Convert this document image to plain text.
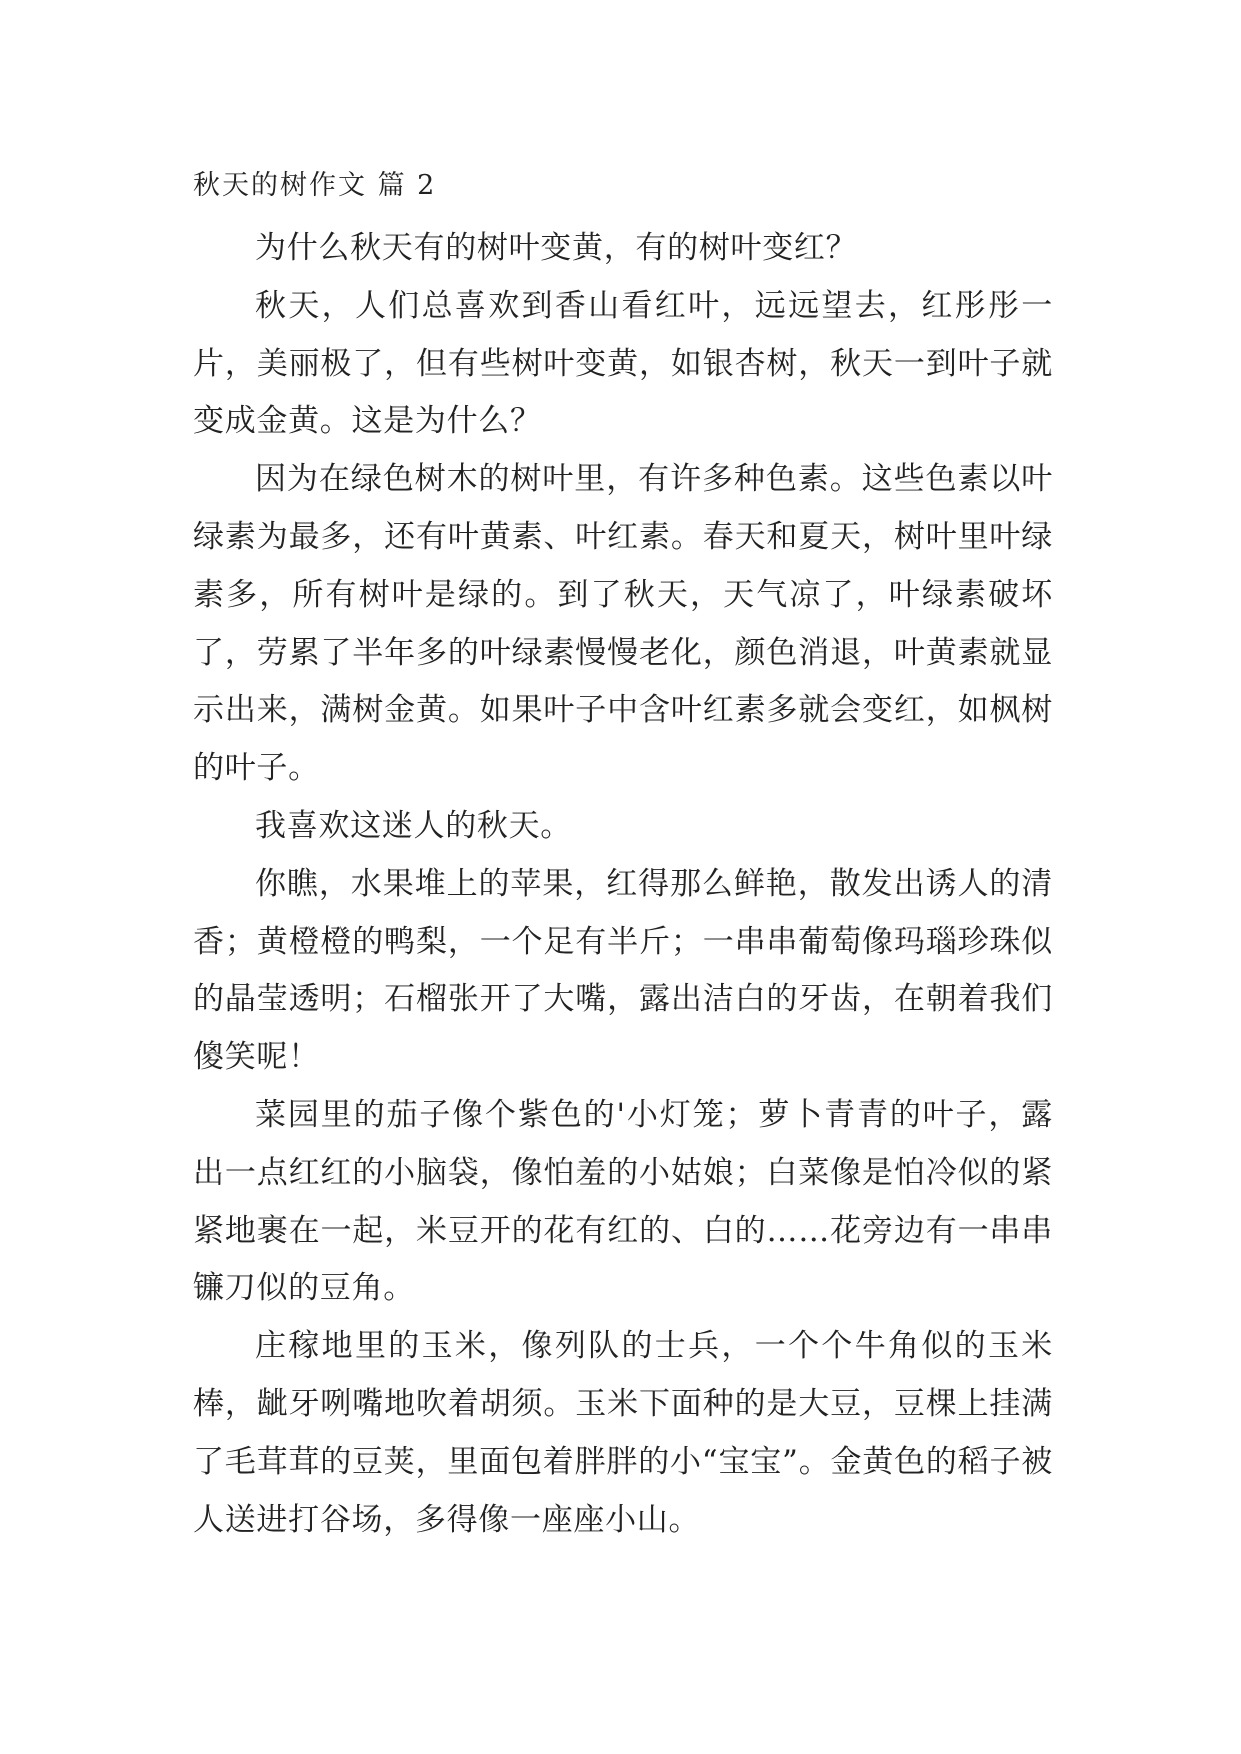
秋天的树作文 篇 2

为什么秋天有的树叶变黄，有的树叶变红？

秋天，人们总喜欢到香山看红叶，远远望去，红彤彤一片，美丽极了，但有些树叶变黄，如银杏树，秋天一到叶子就变成金黄。这是为什么？

因为在绿色树木的树叶里，有许多种色素。这些色素以叶绿素为最多，还有叶黄素、叶红素。春天和夏天，树叶里叶绿素多，所有树叶是绿的。到了秋天，天气凉了，叶绿素破坏了，劳累了半年多的叶绿素慢慢老化，颜色消退，叶黄素就显示出来，满树金黄。如果叶子中含叶红素多就会变红，如枫树的叶子。

我喜欢这迷人的秋天。

你瞧，水果堆上的苹果，红得那么鲜艳，散发出诱人的清香；黄橙橙的鸭梨，一个足有半斤；一串串葡萄像玛瑙珍珠似的晶莹透明；石榴张开了大嘴，露出洁白的牙齿，在朝着我们傻笑呢！

菜园里的茄子像个紫色的'小灯笼；萝卜青青的叶子，露出一点红红的小脑袋，像怕羞的小姑娘；白菜像是怕冷似的紧紧地裹在一起，米豆开的花有红的、白的……花旁边有一串串镰刀似的豆角。

庄稼地里的玉米，像列队的士兵，一个个牛角似的玉米棒，龇牙咧嘴地吹着胡须。玉米下面种的是大豆，豆棵上挂满了毛茸茸的豆荚，里面包着胖胖的小“宝宝”。金黄色的稻子被人送进打谷场，多得像一座座小山。
